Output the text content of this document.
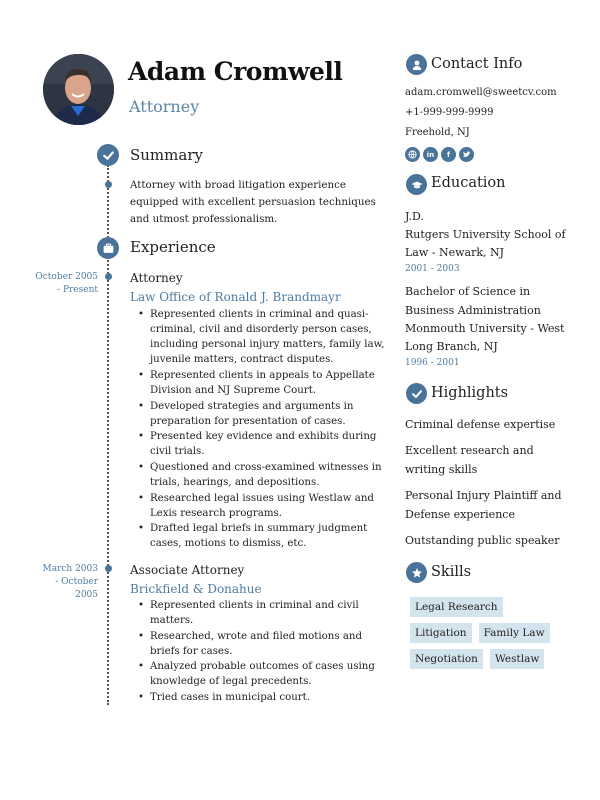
Adam Cromwell
Attorney
Summary
Attorney with broad litigation experience equipped with excellent persuasion techniques and utmost professionalism.
Experience
October 2005
- Present
Attorney
Law Office of Ronald J. Brandmayr
• Represented clients in criminal and quasi-criminal, civil and disorderly person cases, including personal injury matters, family law, juvenile matters, contract disputes.
• Represented clients in appeals to Appellate Division and NJ Supreme Court.
• Developed strategies and arguments in preparation for presentation of cases.
• Presented key evidence and exhibits during civil trials.
• Questioned and cross-examined witnesses in trials, hearings, and depositions.
• Researched legal issues using Westlaw and Lexis research programs.
• Drafted legal briefs in summary judgment cases, motions to dismiss, etc.
March 2003
- October
2005
Associate Attorney
Brickfield & Donahue
• Represented clients in criminal and civil matters.
• Researched, wrote and filed motions and briefs for cases.
• Analyzed probable outcomes of cases using knowledge of legal precedents.
• Tried cases in municipal court.
Contact Info
adam.cromwell@sweetcv.com
+1-999-999-9999
Freehold, NJ
in	f
Education
J.D.
Rutgers University School of
Law - Newark, NJ
2001 - 2003
Bachelor of Science in
Business Administration
Monmouth University - West
Long Branch, NJ
1996 - 2001
Highlights
Criminal defense expertise
Excellent research and writing skills
Personal Injury Plaintiff and Defense experience
Outstanding public speaker
Skills
Legal Research
Litigation	Family Law
Negotiation	Westlaw
